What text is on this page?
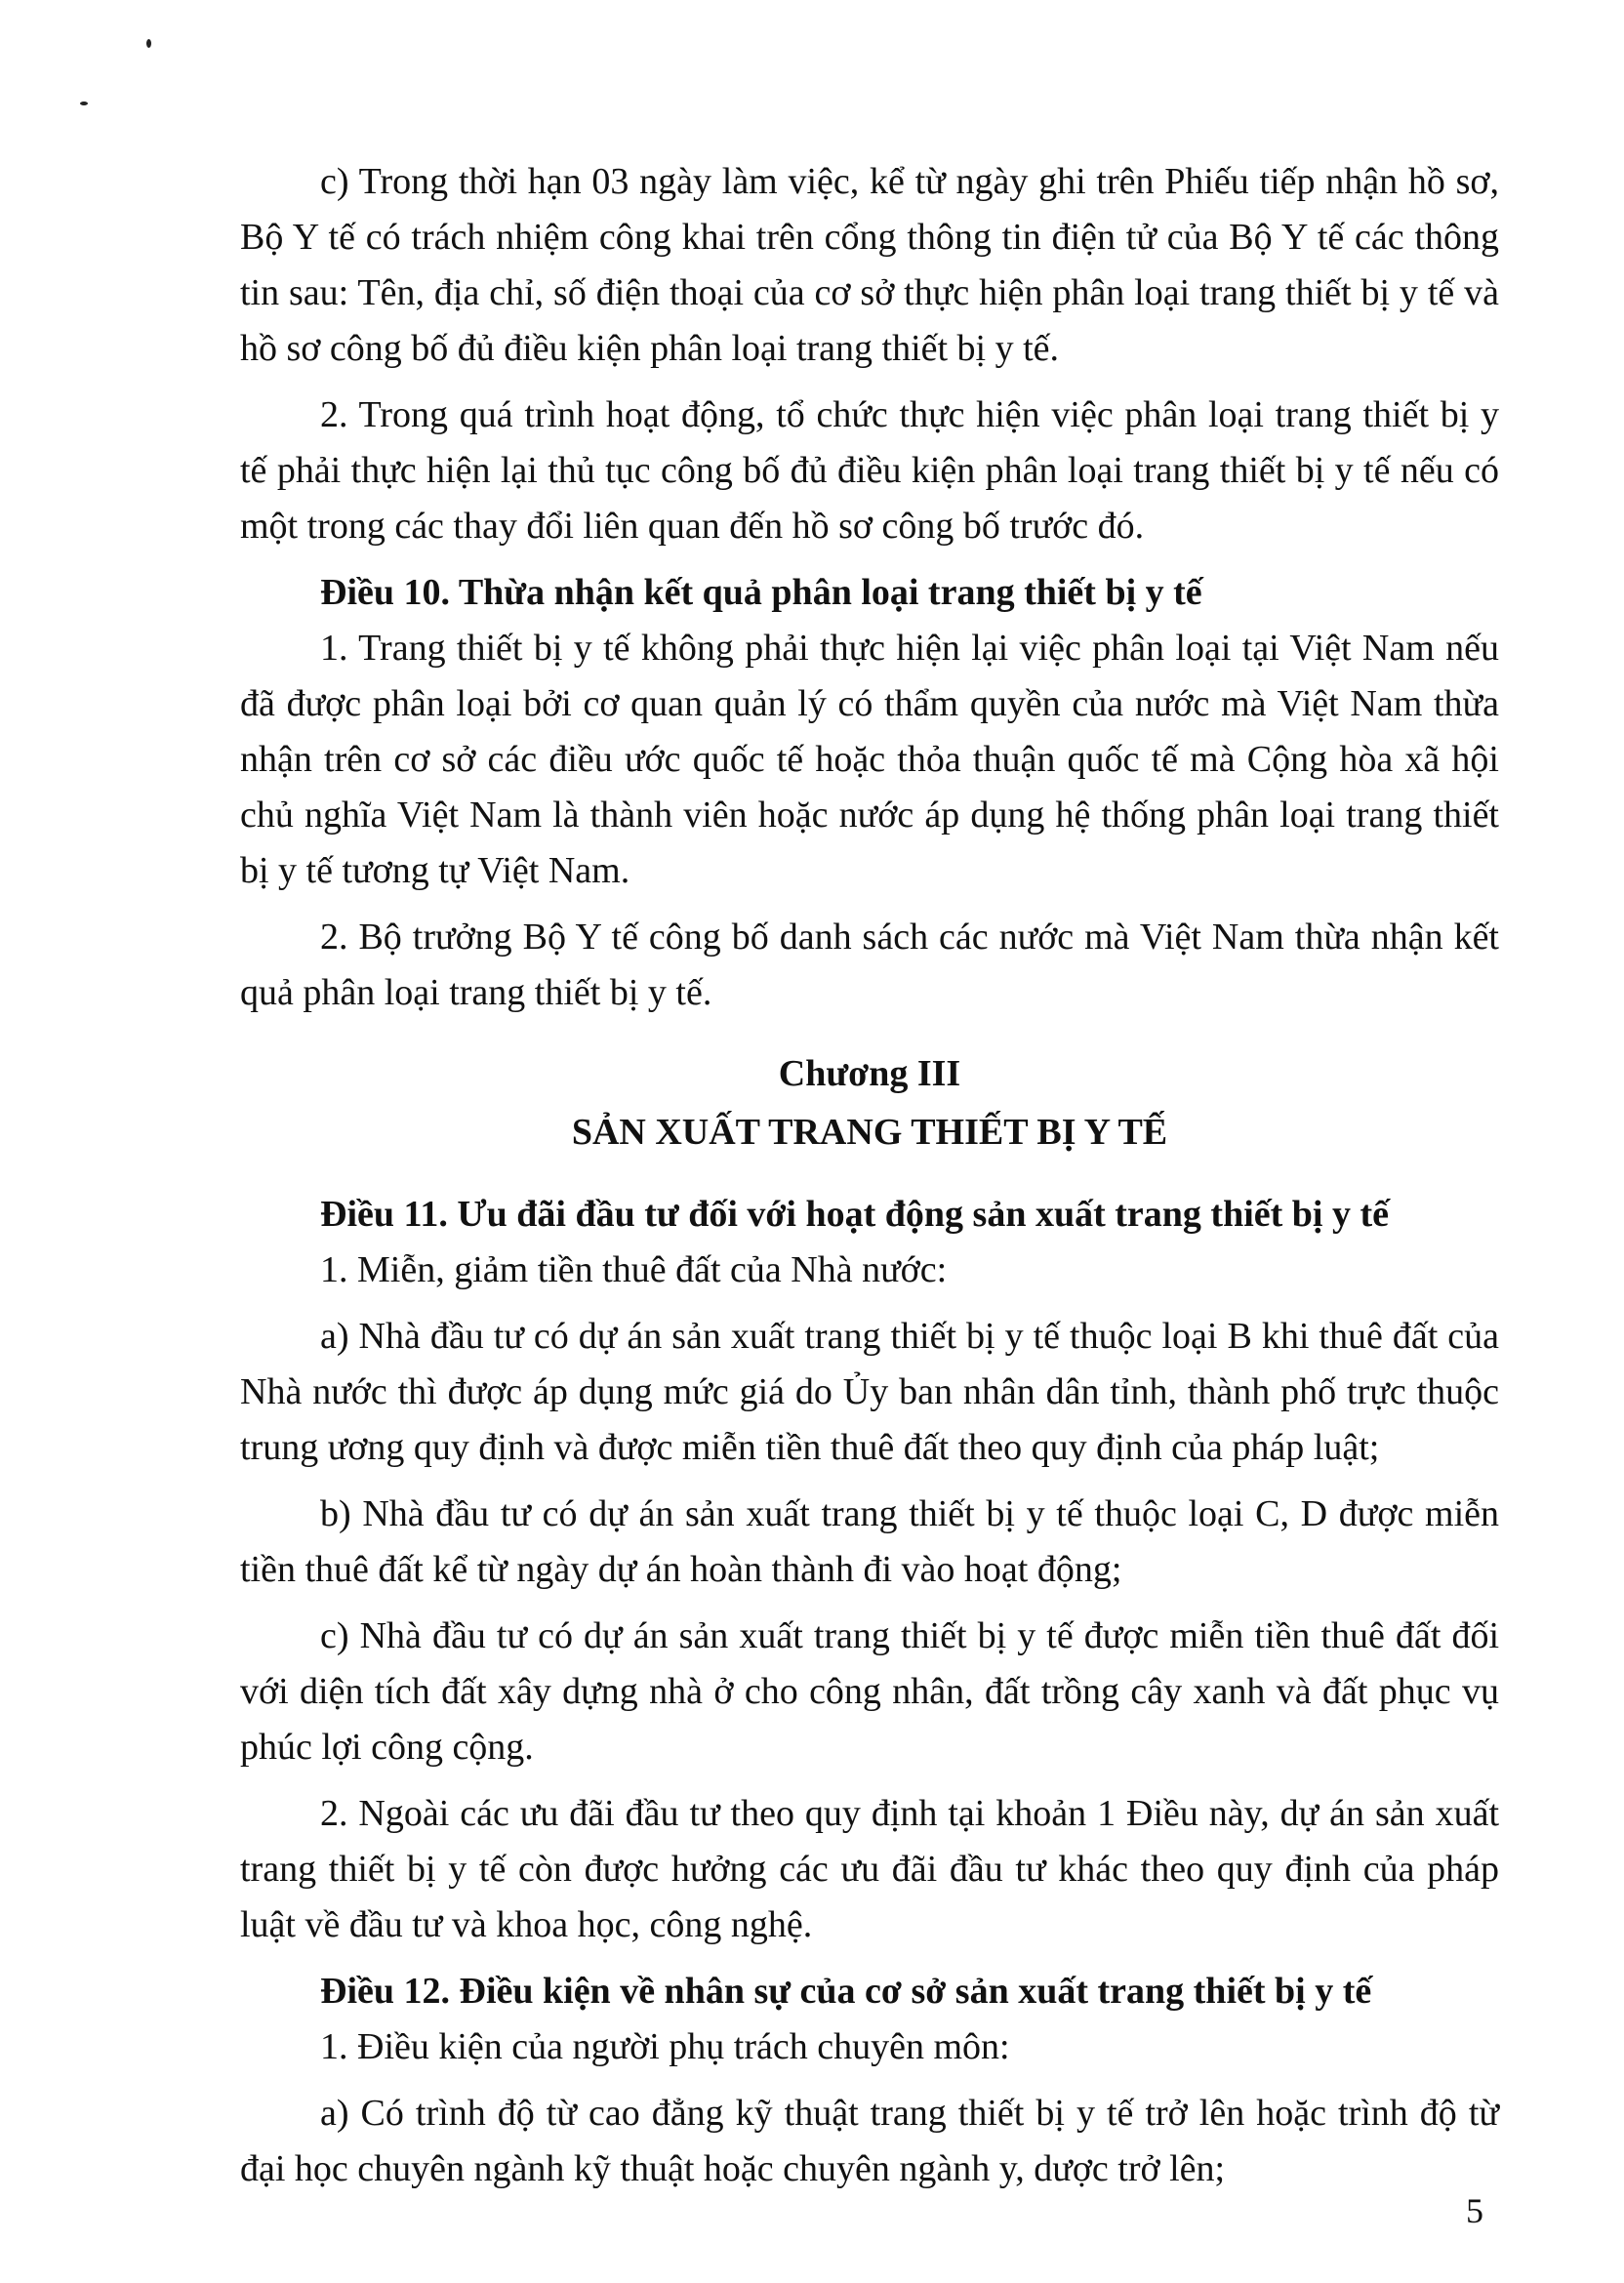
c) Trong thời hạn 03 ngày làm việc, kể từ ngày ghi trên Phiếu tiếp nhận hồ sơ, Bộ Y tế có trách nhiệm công khai trên cổng thông tin điện tử của Bộ Y tế các thông tin sau: Tên, địa chỉ, số điện thoại của cơ sở thực hiện phân loại trang thiết bị y tế và hồ sơ công bố đủ điều kiện phân loại trang thiết bị y tế.

2. Trong quá trình hoạt động, tổ chức thực hiện việc phân loại trang thiết bị y tế phải thực hiện lại thủ tục công bố đủ điều kiện phân loại trang thiết bị y tế nếu có một trong các thay đổi liên quan đến hồ sơ công bố trước đó.

Điều 10. Thừa nhận kết quả phân loại trang thiết bị y tế

1. Trang thiết bị y tế không phải thực hiện lại việc phân loại tại Việt Nam nếu đã được phân loại bởi cơ quan quản lý có thẩm quyền của nước mà Việt Nam thừa nhận trên cơ sở các điều ước quốc tế hoặc thỏa thuận quốc tế mà Cộng hòa xã hội chủ nghĩa Việt Nam là thành viên hoặc nước áp dụng hệ thống phân loại trang thiết bị y tế tương tự Việt Nam.

2. Bộ trưởng Bộ Y tế công bố danh sách các nước mà Việt Nam thừa nhận kết quả phân loại trang thiết bị y tế.

Chương III
SẢN XUẤT TRANG THIẾT BỊ Y TẾ

Điều 11. Ưu đãi đầu tư đối với hoạt động sản xuất trang thiết bị y tế

1. Miễn, giảm tiền thuê đất của Nhà nước:

a) Nhà đầu tư có dự án sản xuất trang thiết bị y tế thuộc loại B khi thuê đất của Nhà nước thì được áp dụng mức giá do Ủy ban nhân dân tỉnh, thành phố trực thuộc trung ương quy định và được miễn tiền thuê đất theo quy định của pháp luật;

b) Nhà đầu tư có dự án sản xuất trang thiết bị y tế thuộc loại C, D được miễn tiền thuê đất kể từ ngày dự án hoàn thành đi vào hoạt động;

c) Nhà đầu tư có dự án sản xuất trang thiết bị y tế được miễn tiền thuê đất đối với diện tích đất xây dựng nhà ở cho công nhân, đất trồng cây xanh và đất phục vụ phúc lợi công cộng.

2. Ngoài các ưu đãi đầu tư theo quy định tại khoản 1 Điều này, dự án sản xuất trang thiết bị y tế còn được hưởng các ưu đãi đầu tư khác theo quy định của pháp luật về đầu tư và khoa học, công nghệ.

Điều 12. Điều kiện về nhân sự của cơ sở sản xuất trang thiết bị y tế

1. Điều kiện của người phụ trách chuyên môn:

a) Có trình độ từ cao đẳng kỹ thuật trang thiết bị y tế trở lên hoặc trình độ từ đại học chuyên ngành kỹ thuật hoặc chuyên ngành y, dược trở lên;

5
